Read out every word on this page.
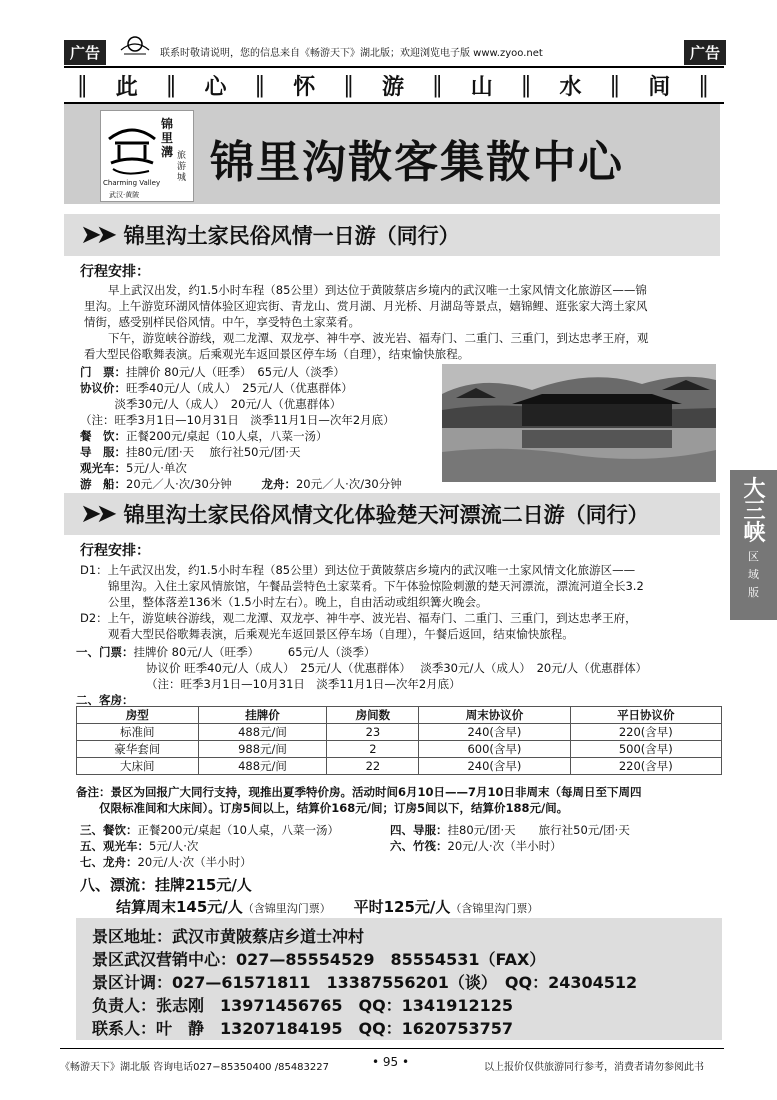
广告	广告
联系时敬请说明，您的信息来自《畅游天下》湖北版；欢迎浏览电子版 www.zyoo.net
‖ 此 ‖ 心 ‖ 怀 ‖ 游 ‖ 山 ‖ 水 ‖ 间 ‖
锦
里
溝 旅
游
城
Charming Valley
武汉·黄陂
锦里沟散客集散中心
➤➤ 锦里沟土家民俗风情一日游（同行）
行程安排：
早上武汉出发，约1.5小时车程（85公里）到达位于黄陂蔡店乡境内的武汉唯一土家风情文化旅游区——锦
里沟。上午游览环湖风情体验区迎宾街、青龙山、赏月湖、月光桥、月湖岛等景点，嬉锦鲤、逛张家大湾土家风
情街，感受别样民俗风情。中午，享受特色土家菜肴。
下午，游览峡谷游线，观二龙潭、双龙亭、神牛亭、波光岩、福寿门、二重门、三重门，到达忠孝王府，观
看大型民俗歌舞表演。后乘观光车返回景区停车场（自理），结束愉快旅程。
门　票：挂牌价 80元/人（旺季）　65元/人（淡季）
协议价：旺季40元/人（成人）　25元/人（优惠群体）
　　　淡季30元/人（成人）　20元/人（优惠群体）
（注：旺季3月1日—10月31日　淡季11月1日—次年2月底）
餐　饮：正餐200元/桌起（10人桌，八菜一汤）
导　服：挂80元/团·天　 旅行社50元/团·天
观光车：5元/人·单次
游　船：20元／人·次/30分钟	龙舟：20元／人·次/30分钟
➤➤ 锦里沟土家民俗风情文化体验楚天河漂流二日游（同行）
行程安排：
D1：上午武汉出发，约1.5小时车程（85公里）到达位于黄陂蔡店乡境内的武汉唯一土家风情文化旅游区——
锦里沟。入住土家风情旅馆，午餐品尝特色土家菜肴。下午体验惊险刺激的楚天河漂流，漂流河道全长3.2
公里，整体落差136米（1.5小时左右）。晚上，自由活动或组织篝火晚会。
D2：上午，游览峡谷游线，观二龙潭、双龙亭、神牛亭、波光岩、福寿门、二重门、三重门，到达忠孝王府，
观看大型民俗歌舞表演，后乘观光车返回景区停车场（自理），午餐后返回，结束愉快旅程。
一、门票：挂牌价 80元/人（旺季）　　　65元/人（淡季）
协议价 旺季40元/人（成人）　25元/人（优惠群体）　 淡季30元/人（成人）　20元/人（优惠群体）
（注：旺季3月1日—10月31日　淡季11月1日—次年2月底）
二、客房：
房型	挂牌价	房间数	周末协议价	平日协议价
标准间	488元/间	23	240(含早)	220(含早)
豪华套间	988元/间	2	600(含早)	500(含早)
大床间	488元/间	22	240(含早)	220(含早)
备注：景区为回报广大同行支持，现推出夏季特价房。活动时间6月10日——7月10日非周末（每周日至下周四
　　仅限标准间和大床间）。订房5间以上，结算价168元/间；订房5间以下，结算价188元/间。
三、餐饮：正餐200元/桌起（10人桌，八菜一汤）
五、观光车：5元/人·次
七、龙舟：20元/人·次（半小时）
四、导服：挂80元/团·天　　旅行社50元/团·天
六、竹筏：20元/人·次（半小时）
八、漂流：挂牌215元/人
结算周末145元/人（含锦里沟门票） 平时125元/人（含锦里沟门票）
景区地址：武汉市黄陂蔡店乡道士冲村
景区武汉营销中心：027—85554529　85554531（FAX）
景区计调：027—61571811　13387556201（谈）　QQ：24304512
负责人：张志刚　13971456765　QQ：1341912125
联系人：叶　静　13207184195　QQ：1620753757
大三峡
区
域
版
《畅游天下》湖北版 咨询电话027−85350400 /85483227	• 95 •	以上报价仅供旅游同行参考，消费者请勿参阅此书
